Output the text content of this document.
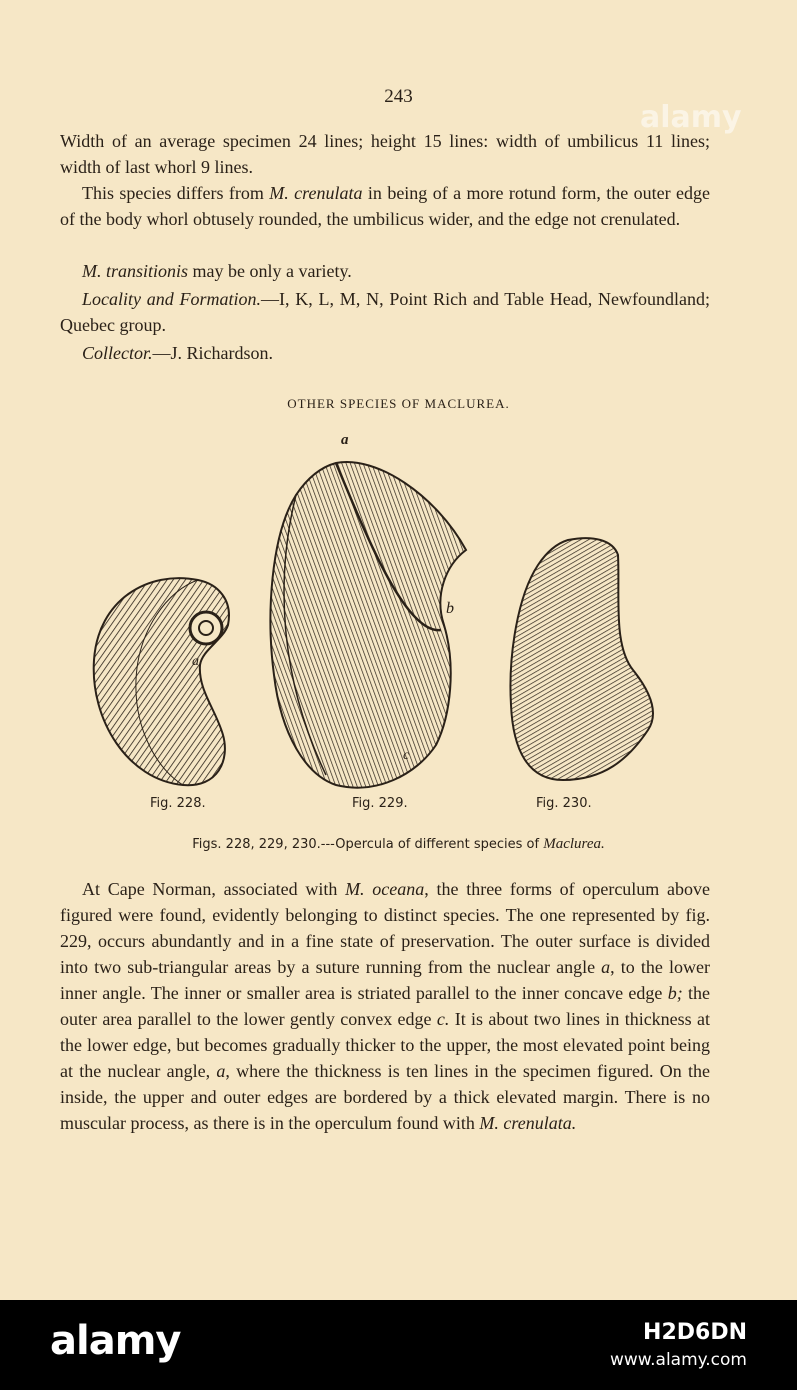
243

Width of an average specimen 24 lines; height 15 lines: width of umbilicus 11 lines; width of last whorl 9 lines.

This species differs from M. crenulata in being of a more rotund form, the outer edge of the body whorl obtusely rounded, the umbilicus wider, and the edge not crenulated.

M. transitionis may be only a variety.

Locality and Formation.—I, K, L, M, N, Point Rich and Table Head, Newfoundland; Quebec group.

Collector.—J. Richardson.

OTHER SPECIES OF MACLUREA.
a
a
b
c
Fig. 228.	Fig. 229.	Fig. 230.
Figs. 228, 229, 230.---Opercula of different species of Maclurea.

At Cape Norman, associated with M. oceana, the three forms of operculum above figured were found, evidently belonging to distinct species. The one represented by fig. 229, occurs abundantly and in a fine state of preservation. The outer surface is divided into two sub-triangular areas by a suture running from the nuclear angle a, to the lower inner angle. The inner or smaller area is striated parallel to the inner concave edge b; the outer area parallel to the lower gently convex edge c. It is about two lines in thickness at the lower edge, but becomes gradually thicker to the upper, the most elevated point being at the nuclear angle, a, where the thickness is ten lines in the specimen figured. On the inside, the upper and outer edges are bordered by a thick elevated margin. There is no muscular process, as there is in the operculum found with M. crenulata.

alamy
alamy	H2D6DN
www.alamy.com
